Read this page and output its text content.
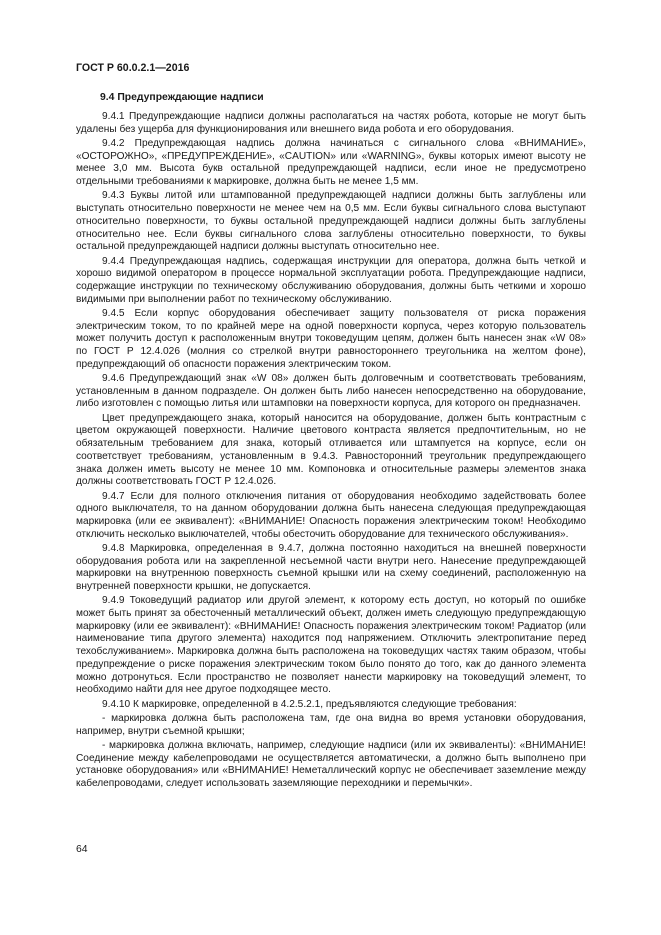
ГОСТ Р 60.0.2.1—2016
9.4 Предупреждающие надписи

9.4.1 Предупреждающие надписи должны располагаться на частях робота, которые не могут быть удалены без ущерба для функционирования или внешнего вида робота и его оборудования.

9.4.2 Предупреждающая надпись должна начинаться с сигнального слова «ВНИМАНИЕ», «ОСТОРОЖНО», «ПРЕДУПРЕЖДЕНИЕ», «CAUTION» или «WARNING», буквы которых имеют высоту не менее 3,0 мм. Высота букв остальной предупреждающей надписи, если иное не предусмотрено отдельными требованиями к маркировке, должна быть не менее 1,5 мм.

9.4.3 Буквы литой или штампованной предупреждающей надписи должны быть заглублены или выступать относительно поверхности не менее чем на 0,5 мм. Если буквы сигнального слова выступают относительно поверхности, то буквы остальной предупреждающей надписи должны быть заглублены относительно нее. Если буквы сигнального слова заглублены относительно поверхности, то буквы остальной предупреждающей надписи должны выступать относительно нее.

9.4.4 Предупреждающая надпись, содержащая инструкции для оператора, должна быть четкой и хорошо видимой оператором в процессе нормальной эксплуатации робота. Предупреждающие надписи, содержащие инструкции по техническому обслуживанию оборудования, должны быть четкими и хорошо видимыми при выполнении работ по техническому обслуживанию.

9.4.5 Если корпус оборудования обеспечивает защиту пользователя от риска поражения электрическим током, то по крайней мере на одной поверхности корпуса, через которую пользователь может получить доступ к расположенным внутри токоведущим цепям, должен быть нанесен знак «W 08» по ГОСТ Р 12.4.026 (молния со стрелкой внутри равностороннего треугольника на желтом фоне), предупреждающий об опасности поражения электрическим током.

9.4.6 Предупреждающий знак «W 08» должен быть долговечным и соответствовать требованиям, установленным в данном подразделе. Он должен быть либо нанесен непосредственно на оборудование, либо изготовлен с помощью литья или штамповки на поверхности корпуса, для которого он предназначен.

Цвет предупреждающего знака, который наносится на оборудование, должен быть контрастным с цветом окружающей поверхности. Наличие цветового контраста является предпочтительным, но не обязательным требованием для знака, который отливается или штампуется на корпусе, если он соответствует требованиям, установленным в 9.4.3. Равносторонний треугольник предупреждающего знака должен иметь высоту не менее 10 мм. Компоновка и относительные размеры элементов знака должны соответствовать ГОСТ Р 12.4.026.

9.4.7 Если для полного отключения питания от оборудования необходимо задействовать более одного выключателя, то на данном оборудовании должна быть нанесена следующая предупреждающая маркировка (или ее эквивалент): «ВНИМАНИЕ! Опасность поражения электрическим током! Необходимо отключить несколько выключателей, чтобы обесточить оборудование для технического обслуживания».

9.4.8 Маркировка, определенная в 9.4.7, должна постоянно находиться на внешней поверхности оборудования робота или на закрепленной несъемной части внутри него. Нанесение предупреждающей маркировки на внутреннюю поверхность съемной крышки или на схему соединений, расположенную на внутренней поверхности крышки, не допускается.

9.4.9 Токоведущий радиатор или другой элемент, к которому есть доступ, но который по ошибке может быть принят за обесточенный металлический объект, должен иметь следующую предупреждающую маркировку (или ее эквивалент): «ВНИМАНИЕ! Опасность поражения электрическим током! Радиатор (или наименование типа другого элемента) находится под напряжением. Отключить электропитание перед техобслуживанием». Маркировка должна быть расположена на токоведущих частях таким образом, чтобы предупреждение о риске поражения электрическим током было понято до того, как до данного элемента можно дотронуться. Если пространство не позволяет нанести маркировку на токоведущий элемент, то необходимо найти для нее другое подходящее место.

9.4.10 К маркировке, определенной в 4.2.5.2.1, предъявляются следующие требования:

- маркировка должна быть расположена там, где она видна во время установки оборудования, например, внутри съемной крышки;

- маркировка должна включать, например, следующие надписи (или их эквиваленты): «ВНИМАНИЕ! Соединение между кабелепроводами не осуществляется автоматически, а должно быть выполнено при установке оборудования» или «ВНИМАНИЕ! Неметаллический корпус не обеспечивает заземление между кабелепроводами, следует использовать заземляющие переходники и перемычки».

64
